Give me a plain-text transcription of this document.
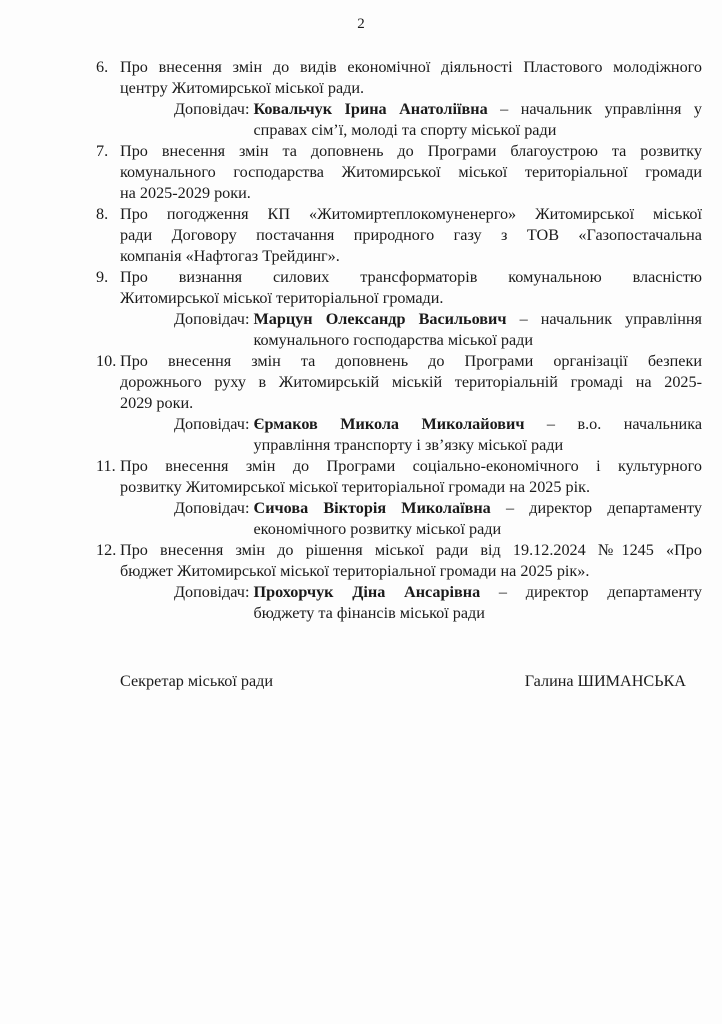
2
6. Про внесення змін до видів економічної діяльності Пластового молодіжного
центру Житомирської міської ради.
Доповідач:
Ковальчук Ірина Анатоліївна – начальник управління у
справах сім’ї, молоді та спорту міської ради
7. Про внесення змін та доповнень до Програми благоустрою та розвитку
комунального господарства Житомирської міської територіальної громади
на 2025-2029 роки.
8. Про погодження КП «Житомиртеплокомуненерго» Житомирської міської
ради Договору постачання природного газу з ТОВ «Газопостачальна
компанія «Нафтогаз Трейдинг».
9. Про визнання силових трансформаторів комунальною власністю
Житомирської міської територіальної громади.
Доповідач:
Марцун Олександр Васильович – начальник управління
комунального господарства міської ради
10. Про внесення змін та доповнень до Програми організації безпеки
дорожнього руху в Житомирській міській територіальній громаді на 2025-
2029 роки.
Доповідач:
Єрмаков Микола Миколайович – в.о. начальника
управління транспорту і зв’язку міської ради
11. Про внесення змін до Програми соціально-економічного і культурного
розвитку Житомирської міської територіальної громади на 2025 рік.
Доповідач:
Сичова Вікторія Миколаївна – директор департаменту
економічного розвитку міської ради
12. Про внесення змін до рішення міської ради від 19.12.2024 №1245 «Про
бюджет Житомирської міської територіальної громади на 2025 рік».
Доповідач:
Прохорчук Діна Ансарівна – директор департаменту
бюджету та фінансів міської ради
Секретар міської ради	Галина ШИМАНСЬКА
